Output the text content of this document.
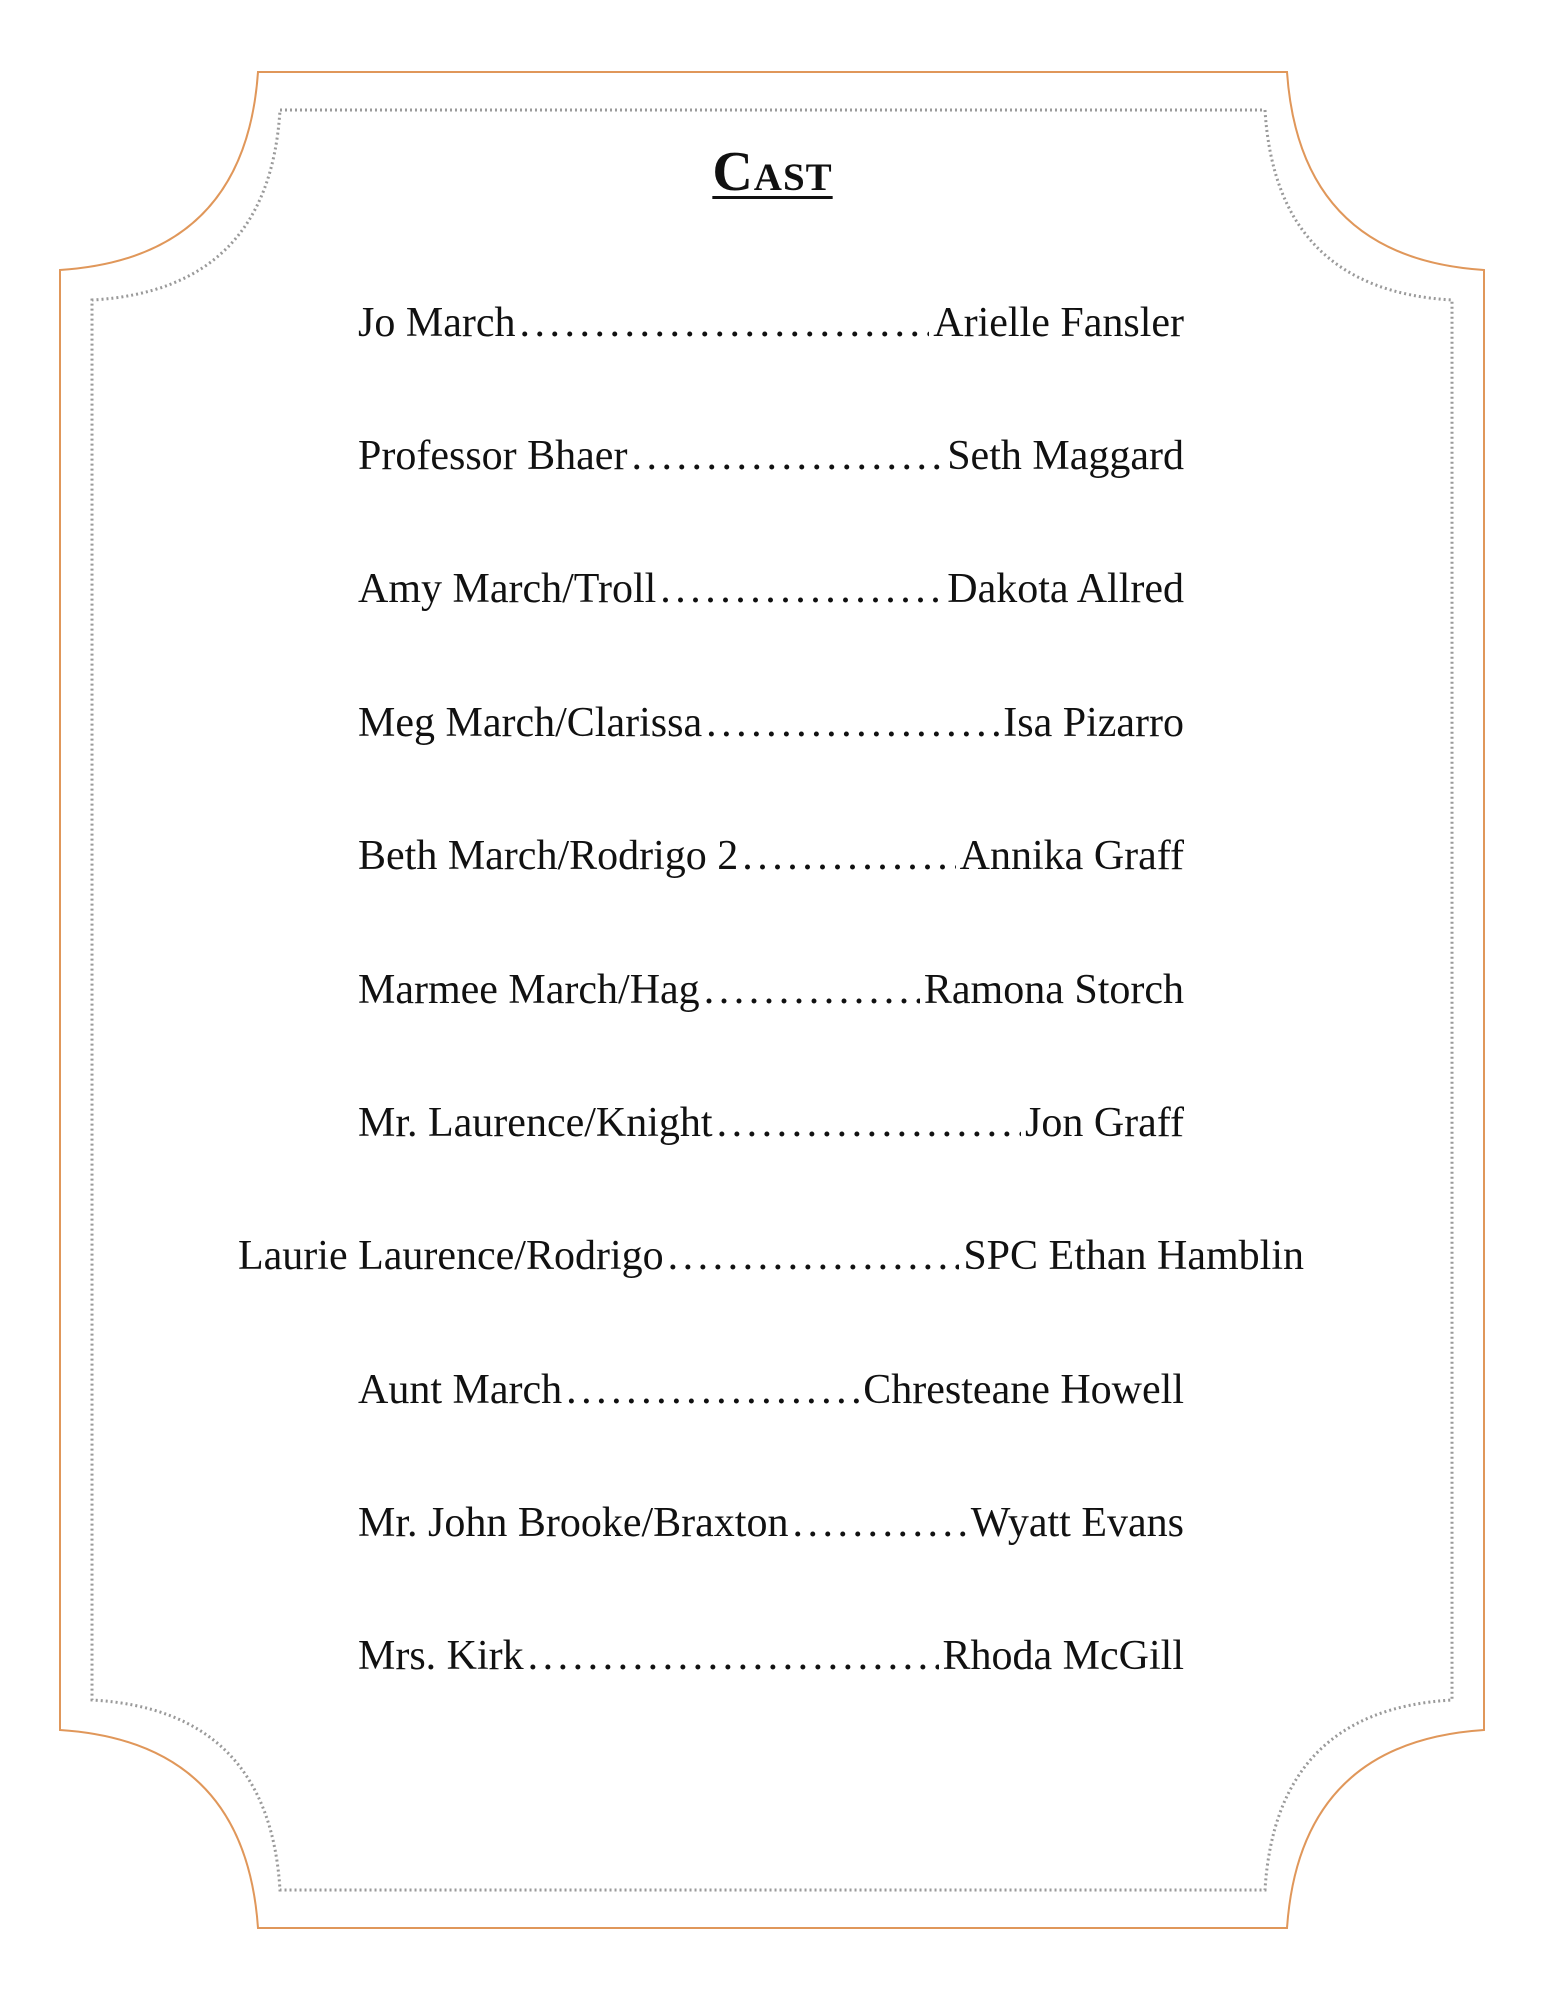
Cast
Jo March . . .	Arielle Fansler
Professor Bhaer . . .	Seth Maggard
Amy March/Troll . . .	Dakota Allred
Meg March/Clarissa . . .	Isa Pizarro
Beth March/Rodrigo 2 . . .	Annika Graff
Marmee March/Hag . . .	Ramona Storch
Mr. Laurence/Knight . . .	Jon Graff
Laurie Laurence/Rodrigo . . .	SPC Ethan Hamblin
Aunt March . . .	Chresteane Howell
Mr. John Brooke/Braxton . . .	Wyatt Evans
Mrs. Kirk . . .	Rhoda McGill
